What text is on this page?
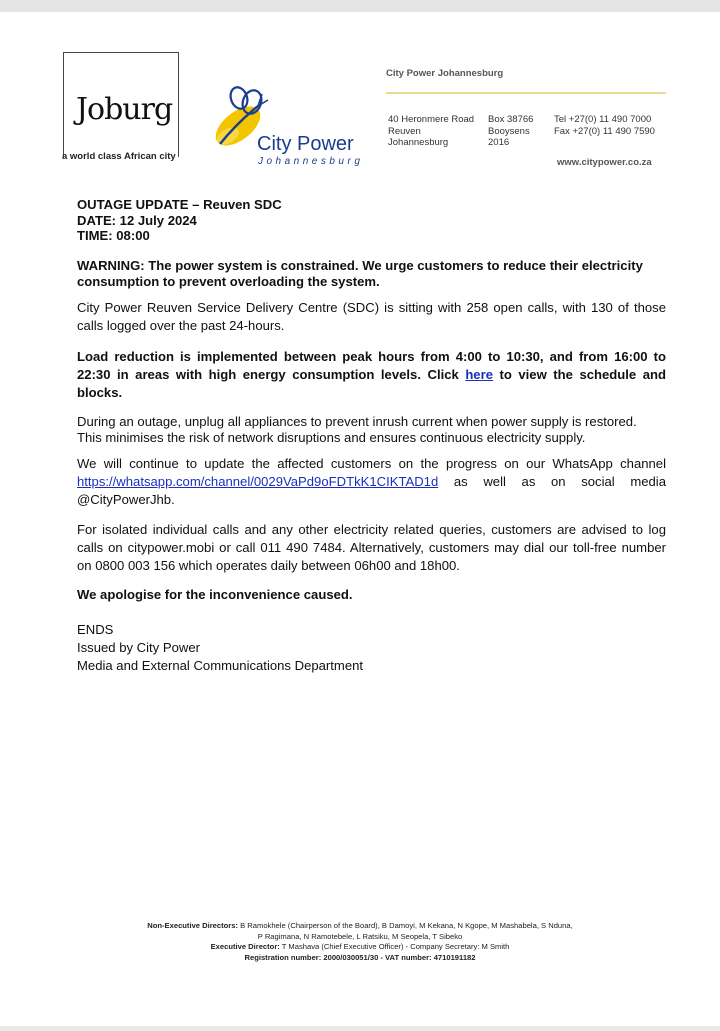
Joburg
a world class African city
City Power
Johannesburg
City Power Johannesburg
40 Heronmere Road
Reuven
Johannesburg
Box 38766
Booysens
2016
Tel +27(0) 11 490 7000
Fax +27(0) 11 490 7590
www.citypower.co.za
OUTAGE UPDATE – Reuven SDC
DATE: 12 July 2024
TIME: 08:00
WARNING: The power system is constrained. We urge customers to reduce their electricity consumption to prevent overloading the system.
City Power Reuven Service Delivery Centre (SDC) is sitting with 258 open calls, with 130 of those calls logged over the past 24-hours.
Load reduction is implemented between peak hours from 4:00 to 10:30, and from 16:00 to 22:30 in areas with high energy consumption levels. Click here to view the schedule and blocks.
During an outage, unplug all appliances to prevent inrush current when power supply is restored.
This minimises the risk of network disruptions and ensures continuous electricity supply.
We will continue to update the affected customers on the progress on our WhatsApp channel https://whatsapp.com/channel/0029VaPd9oFDTkK1CIKTAD1d as well as on social media @CityPowerJhb.
For isolated individual calls and any other electricity related queries, customers are advised to log calls on citypower.mobi or call 011 490 7484. Alternatively, customers may dial our toll-free number on 0800 003 156 which operates daily between 06h00 and 18h00.
We apologise for the inconvenience caused.
ENDS
Issued by City Power
Media and External Communications Department
Non-Executive Directors: B Ramokhele (Chairperson of the Board), B Damoyi, M Kekana, N Kgope, M Mashabela, S Nduna,
P Ragimana, N Ramotebele, L Ratsiku, M Seopela, T Sibeko
Executive Director: T Mashava (Chief Executive Officer) - Company Secretary: M Smith
Registration number: 2000/030051/30 - VAT number: 4710191182
